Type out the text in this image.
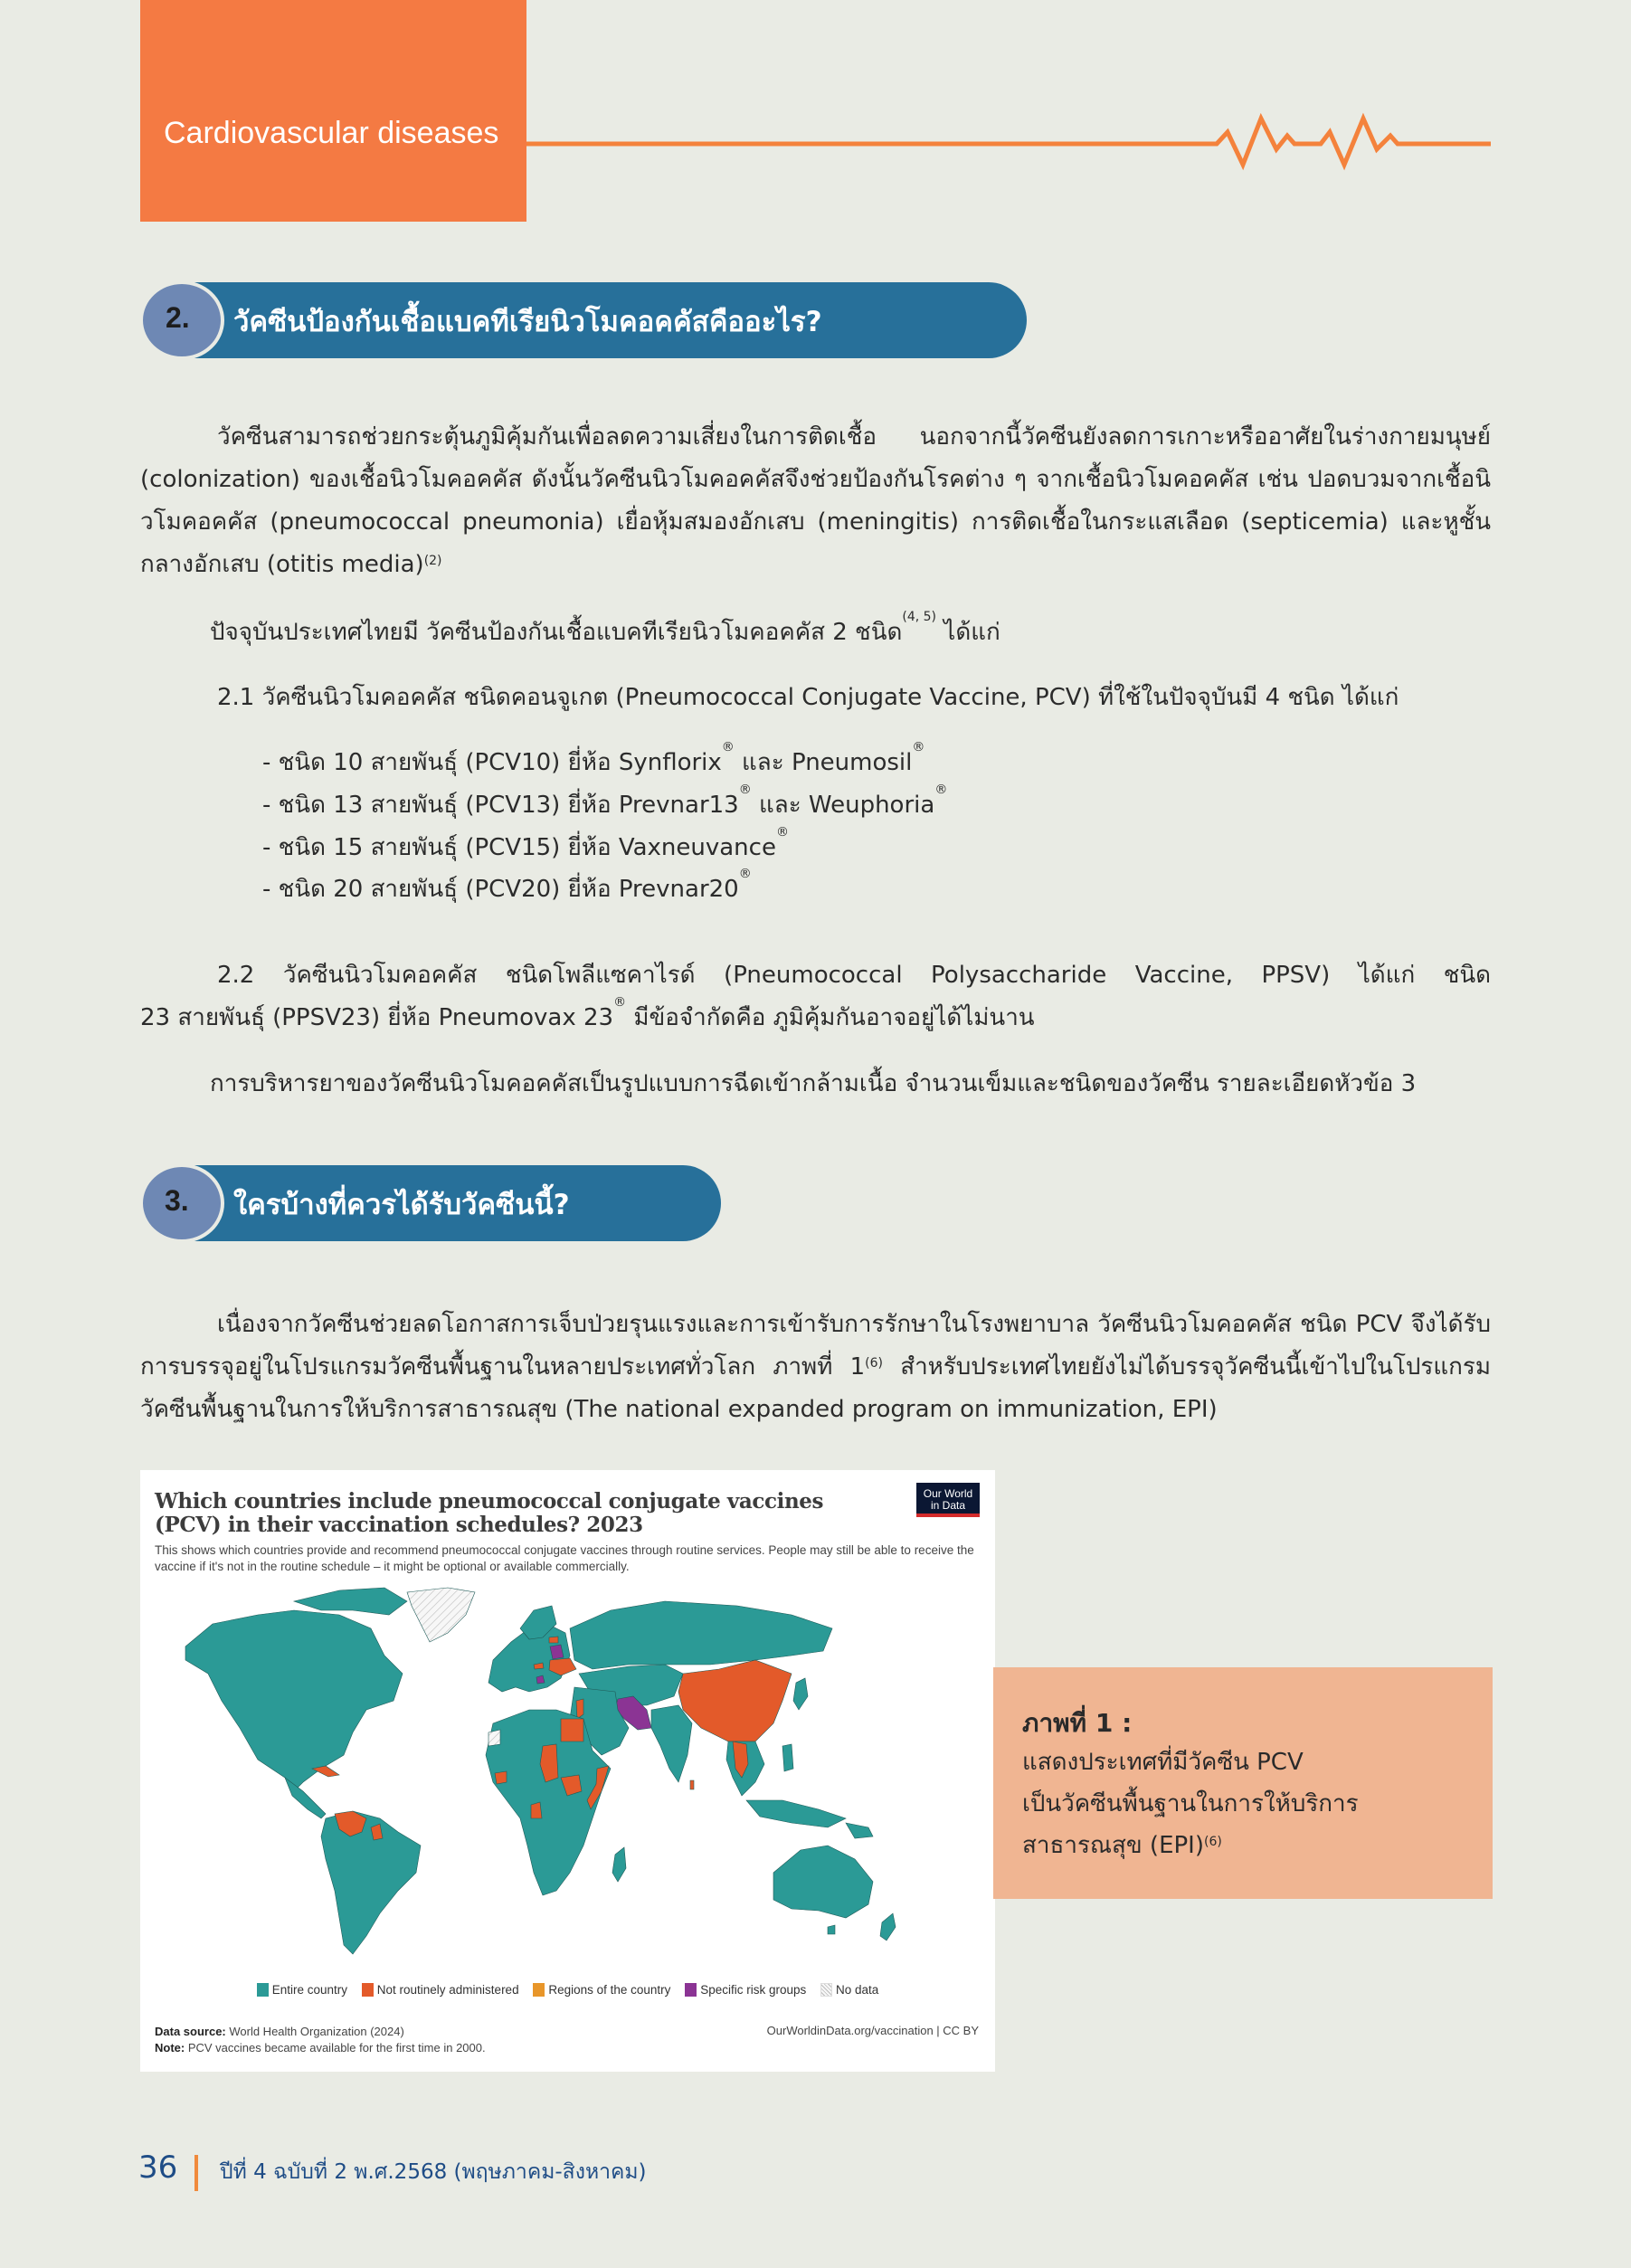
Cardiovascular diseases
2. วัคซีนป้องกันเชื้อแบคทีเรียนิวโมคอคคัสคืออะไร?
วัคซีนสามารถช่วยกระตุ้นภูมิคุ้มกันเพื่อลดความเสี่ยงในการติดเชื้อ นอกจากนี้วัคซีนยังลดการเกาะหรืออาศัยในร่างกายมนุษย์ (colonization) ของเชื้อนิวโมคอคคัส ดังนั้นวัคซีนนิวโมคอคคัสจึงช่วยป้องกันโรคต่าง ๆ จากเชื้อนิวโมคอคคัส เช่น ปอดบวมจากเชื้อนิวโมคอคคัส (pneumococcal pneumonia) เยื่อหุ้มสมองอักเสบ (meningitis) การติดเชื้อในกระแสเลือด (septicemia) และหูชั้นกลางอักเสบ (otitis media)$^{(2)}$
ปัจจุบันประเทศไทยมี วัคซีนป้องกันเชื้อแบคทีเรียนิวโมคอคคัส 2 ชนิด$^{(4, 5)}$ ได้แก่
2.1 วัคซีนนิวโมคอคคัส ชนิดคอนจูเกต (Pneumococcal Conjugate Vaccine, PCV) ที่ใช้ในปัจจุบันมี 4 ชนิด ได้แก่
- ชนิด 10 สายพันธุ์ (PCV10) ยี่ห้อ Synflorix® และ Pneumosil®
- ชนิด 13 สายพันธุ์ (PCV13) ยี่ห้อ Prevnar13® และ Weuphoria®
- ชนิด 15 สายพันธุ์ (PCV15) ยี่ห้อ Vaxneuvance®
- ชนิด 20 สายพันธุ์ (PCV20) ยี่ห้อ Prevnar20®
2.2 วัคซีนนิวโมคอคคัส ชนิดโพลีแซคาไรด์ (Pneumococcal Polysaccharide Vaccine, PPSV) ได้แก่ ชนิด
23 สายพันธุ์ (PPSV23) ยี่ห้อ Pneumovax 23® มีข้อจำกัดคือ ภูมิคุ้มกันอาจอยู่ได้ไม่นาน
การบริหารยาของวัคซีนนิวโมคอคคัสเป็นรูปแบบการฉีดเข้ากล้ามเนื้อ จำนวนเข็มและชนิดของวัคซีน รายละเอียดหัวข้อ 3
3. ใครบ้างที่ควรได้รับวัคซีนนี้?
เนื่องจากวัคซีนช่วยลดโอกาสการเจ็บป่วยรุนแรงและการเข้ารับการรักษาในโรงพยาบาล วัคซีนนิวโมคอคคัส ชนิด PCV จึงได้รับการบรรจุอยู่ในโปรแกรมวัคซีนพื้นฐานในหลายประเทศทั่วโลก ภาพที่ 1$^{(6)}$ สำหรับประเทศไทยยังไม่ได้บรรจุวัคซีนนี้เข้าไปในโปรแกรมวัคซีนพื้นฐานในการให้บริการสาธารณสุข (The national expanded program on immunization, EPI)
Which countries include pneumococcal conjugate vaccines (PCV) in their vaccination schedules? 2023
Our World
in Data
This shows which countries provide and recommend pneumococcal conjugate vaccines through routine services. People may still be able to receive the vaccine if it's not in the routine schedule – it might be optional or available commercially.
Entire country Not routinely administered Regions of the country Specific risk groups No data
Data source: World Health Organization (2024)
Note: PCV vaccines became available for the first time in 2000.
OurWorldinData.org/vaccination | CC BY
ภาพที่ 1 :
แสดงประเทศที่มีวัคซีน PCV
เป็นวัคซีนพื้นฐานในการให้บริการ
สาธารณสุข (EPI)$^{(6)}$
36 ปีที่ 4 ฉบับที่ 2 พ.ศ.2568 (พฤษภาคม-สิงหาคม)
